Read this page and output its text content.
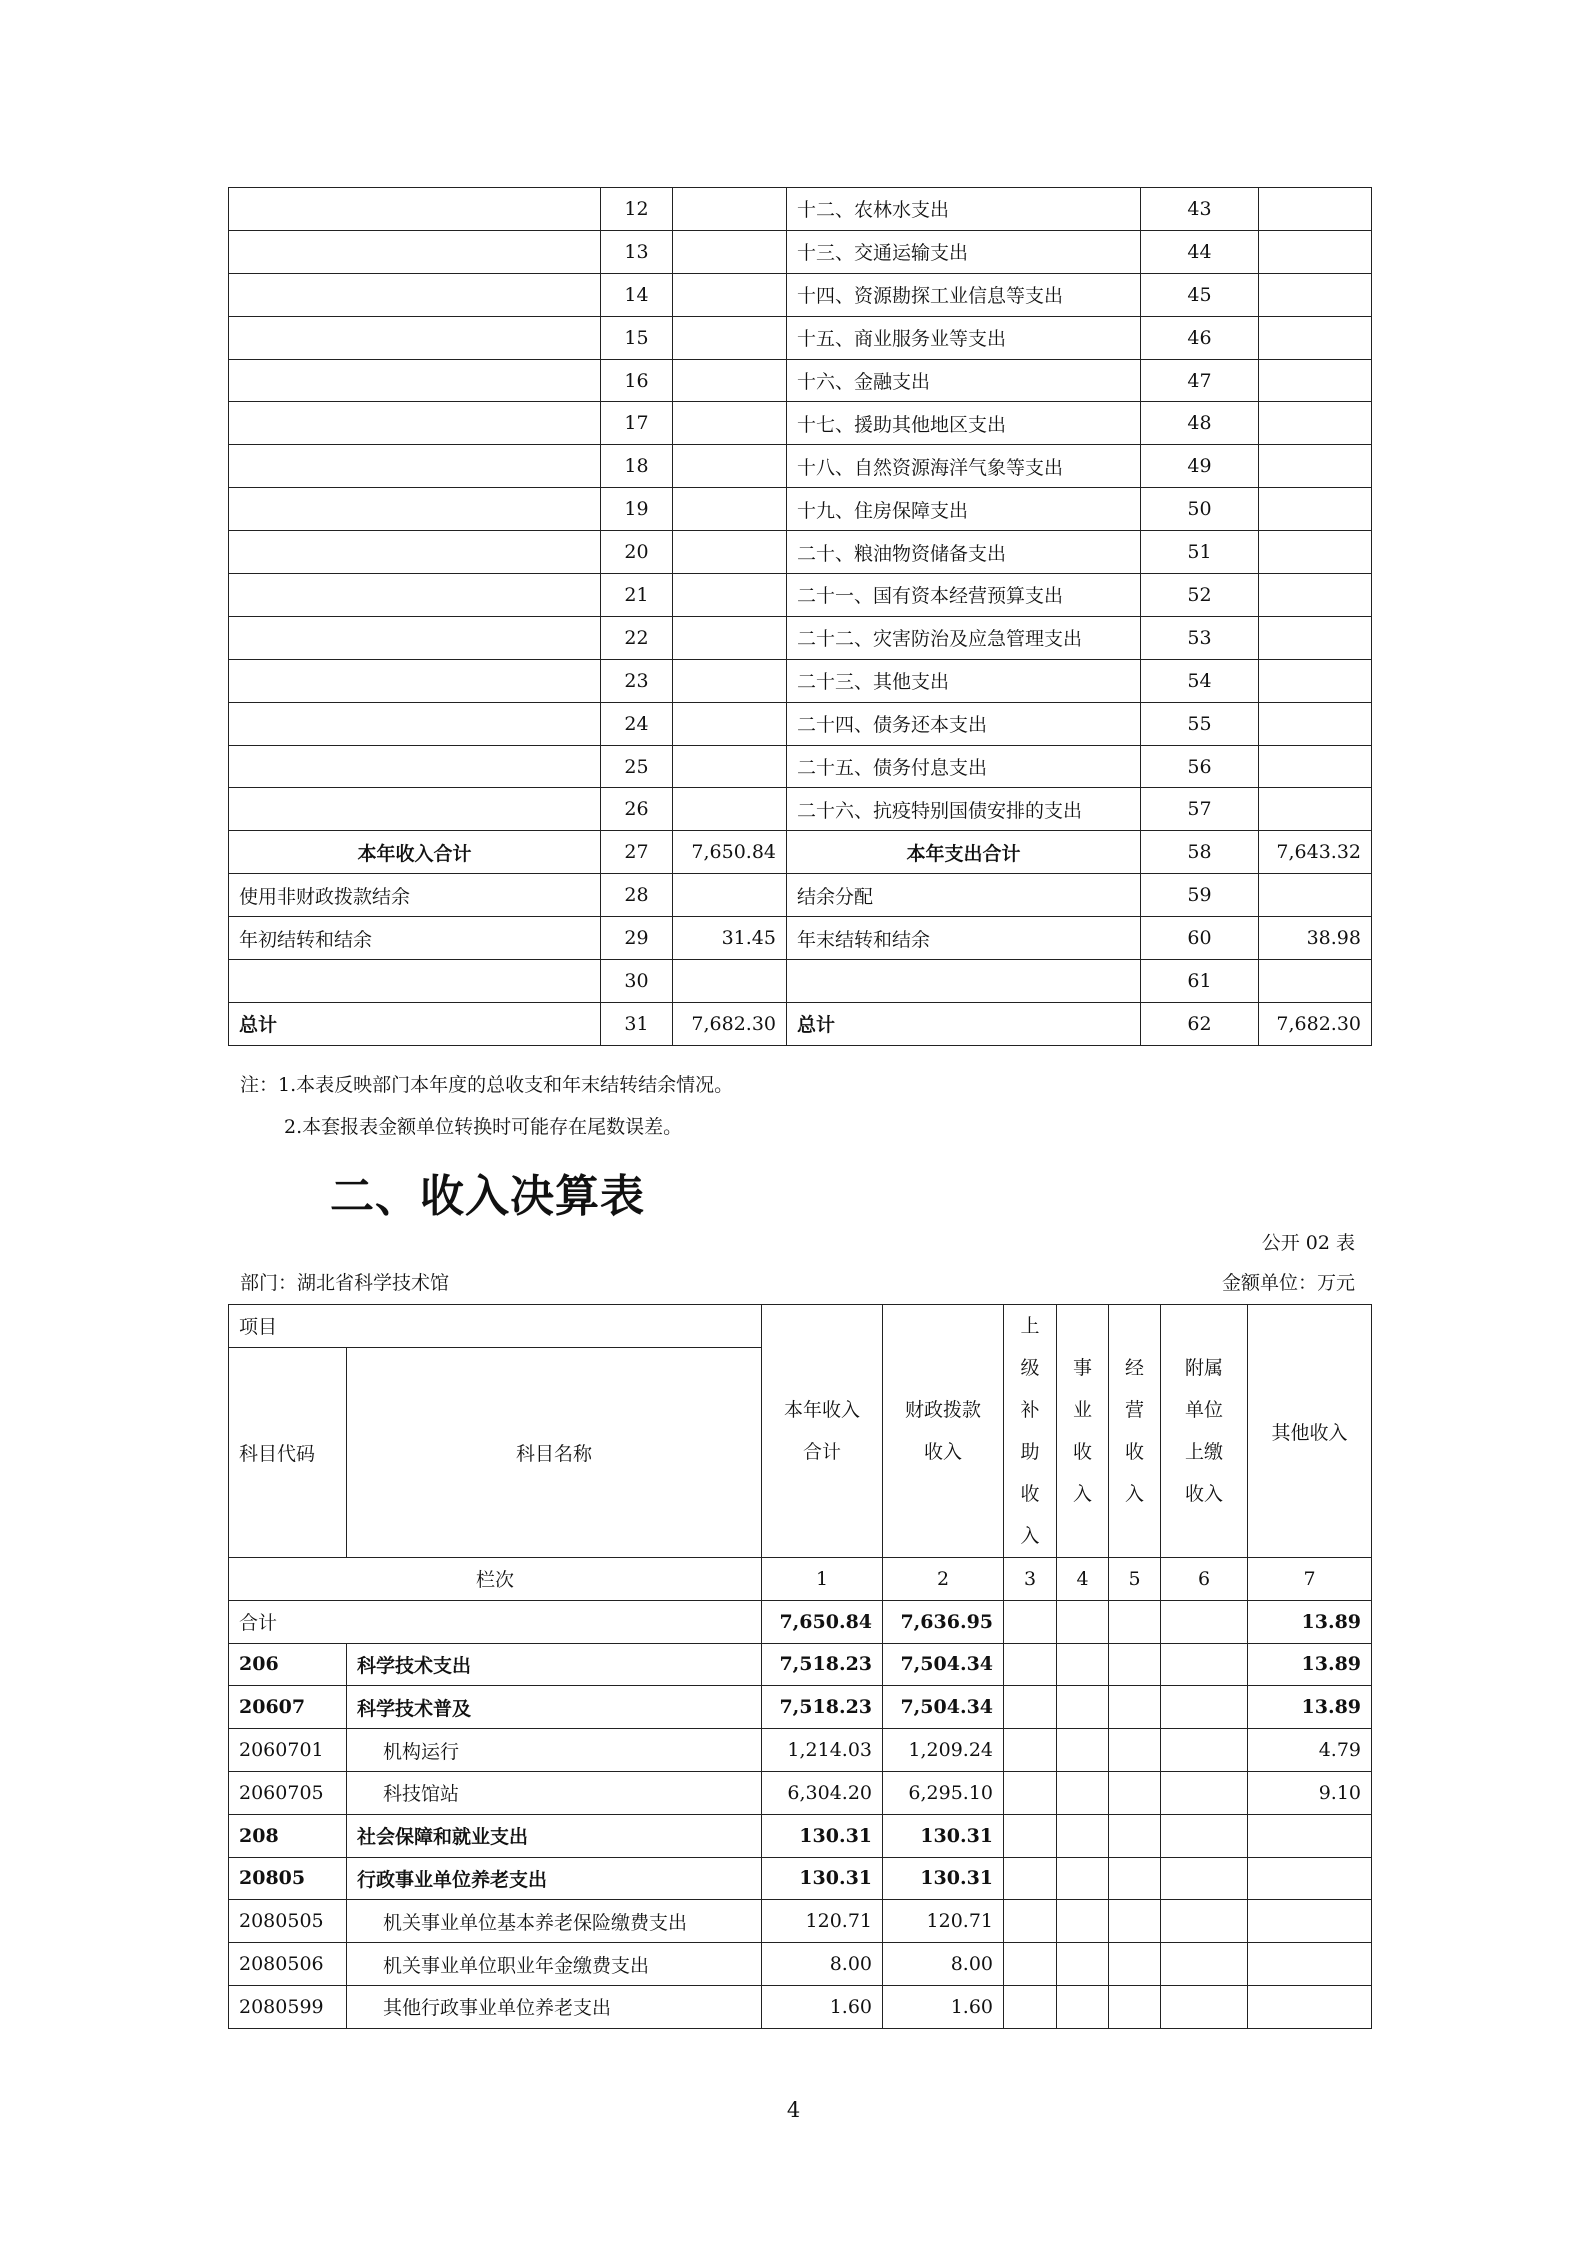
	12		十二、农林水支出	43	
	13		十三、交通运输支出	44	
	14		十四、资源勘探工业信息等支出	45	
	15		十五、商业服务业等支出	46	
	16		十六、金融支出	47	
	17		十七、援助其他地区支出	48	
	18		十八、自然资源海洋气象等支出	49	
	19		十九、住房保障支出	50	
	20		二十、粮油物资储备支出	51	
	21		二十一、国有资本经营预算支出	52	
	22		二十二、灾害防治及应急管理支出	53	
	23		二十三、其他支出	54	
	24		二十四、债务还本支出	55	
	25		二十五、债务付息支出	56	
	26		二十六、抗疫特别国债安排的支出	57	
本年收入合计	27	7,650.84	本年支出合计	58	7,643.32
使用非财政拨款结余	28		结余分配	59	
年初结转和结余	29	31.45	年末结转和结余	60	38.98
	30			61	
总计	31	7,682.30	总计	62	7,682.30
注：1.本表反映部门本年度的总收支和年末结转结余情况。
2.本套报表金额单位转换时可能存在尾数误差。
二、收入决算表
公开 02 表
部门：湖北省科学技术馆	金额单位：万元
项目		本年收入合计	财政拨款收入	上级补助收入	事业收入	经营收入	附属单位上缴收入	其他收入
科目代码	科目名称							
栏次		1	2	3	4	5	6	7
合计		7,650.84	7,636.95					13.89
206	科学技术支出	7,518.23	7,504.34					13.89
20607	科学技术普及	7,518.23	7,504.34					13.89
2060701	机构运行	1,214.03	1,209.24					4.79
2060705	科技馆站	6,304.20	6,295.10					9.10
208	社会保障和就业支出	130.31	130.31					
20805	行政事业单位养老支出	130.31	130.31					
2080505	机关事业单位基本养老保险缴费支出	120.71	120.71					
2080506	机关事业单位职业年金缴费支出	8.00	8.00					
2080599	其他行政事业单位养老支出	1.60	1.60					
4
